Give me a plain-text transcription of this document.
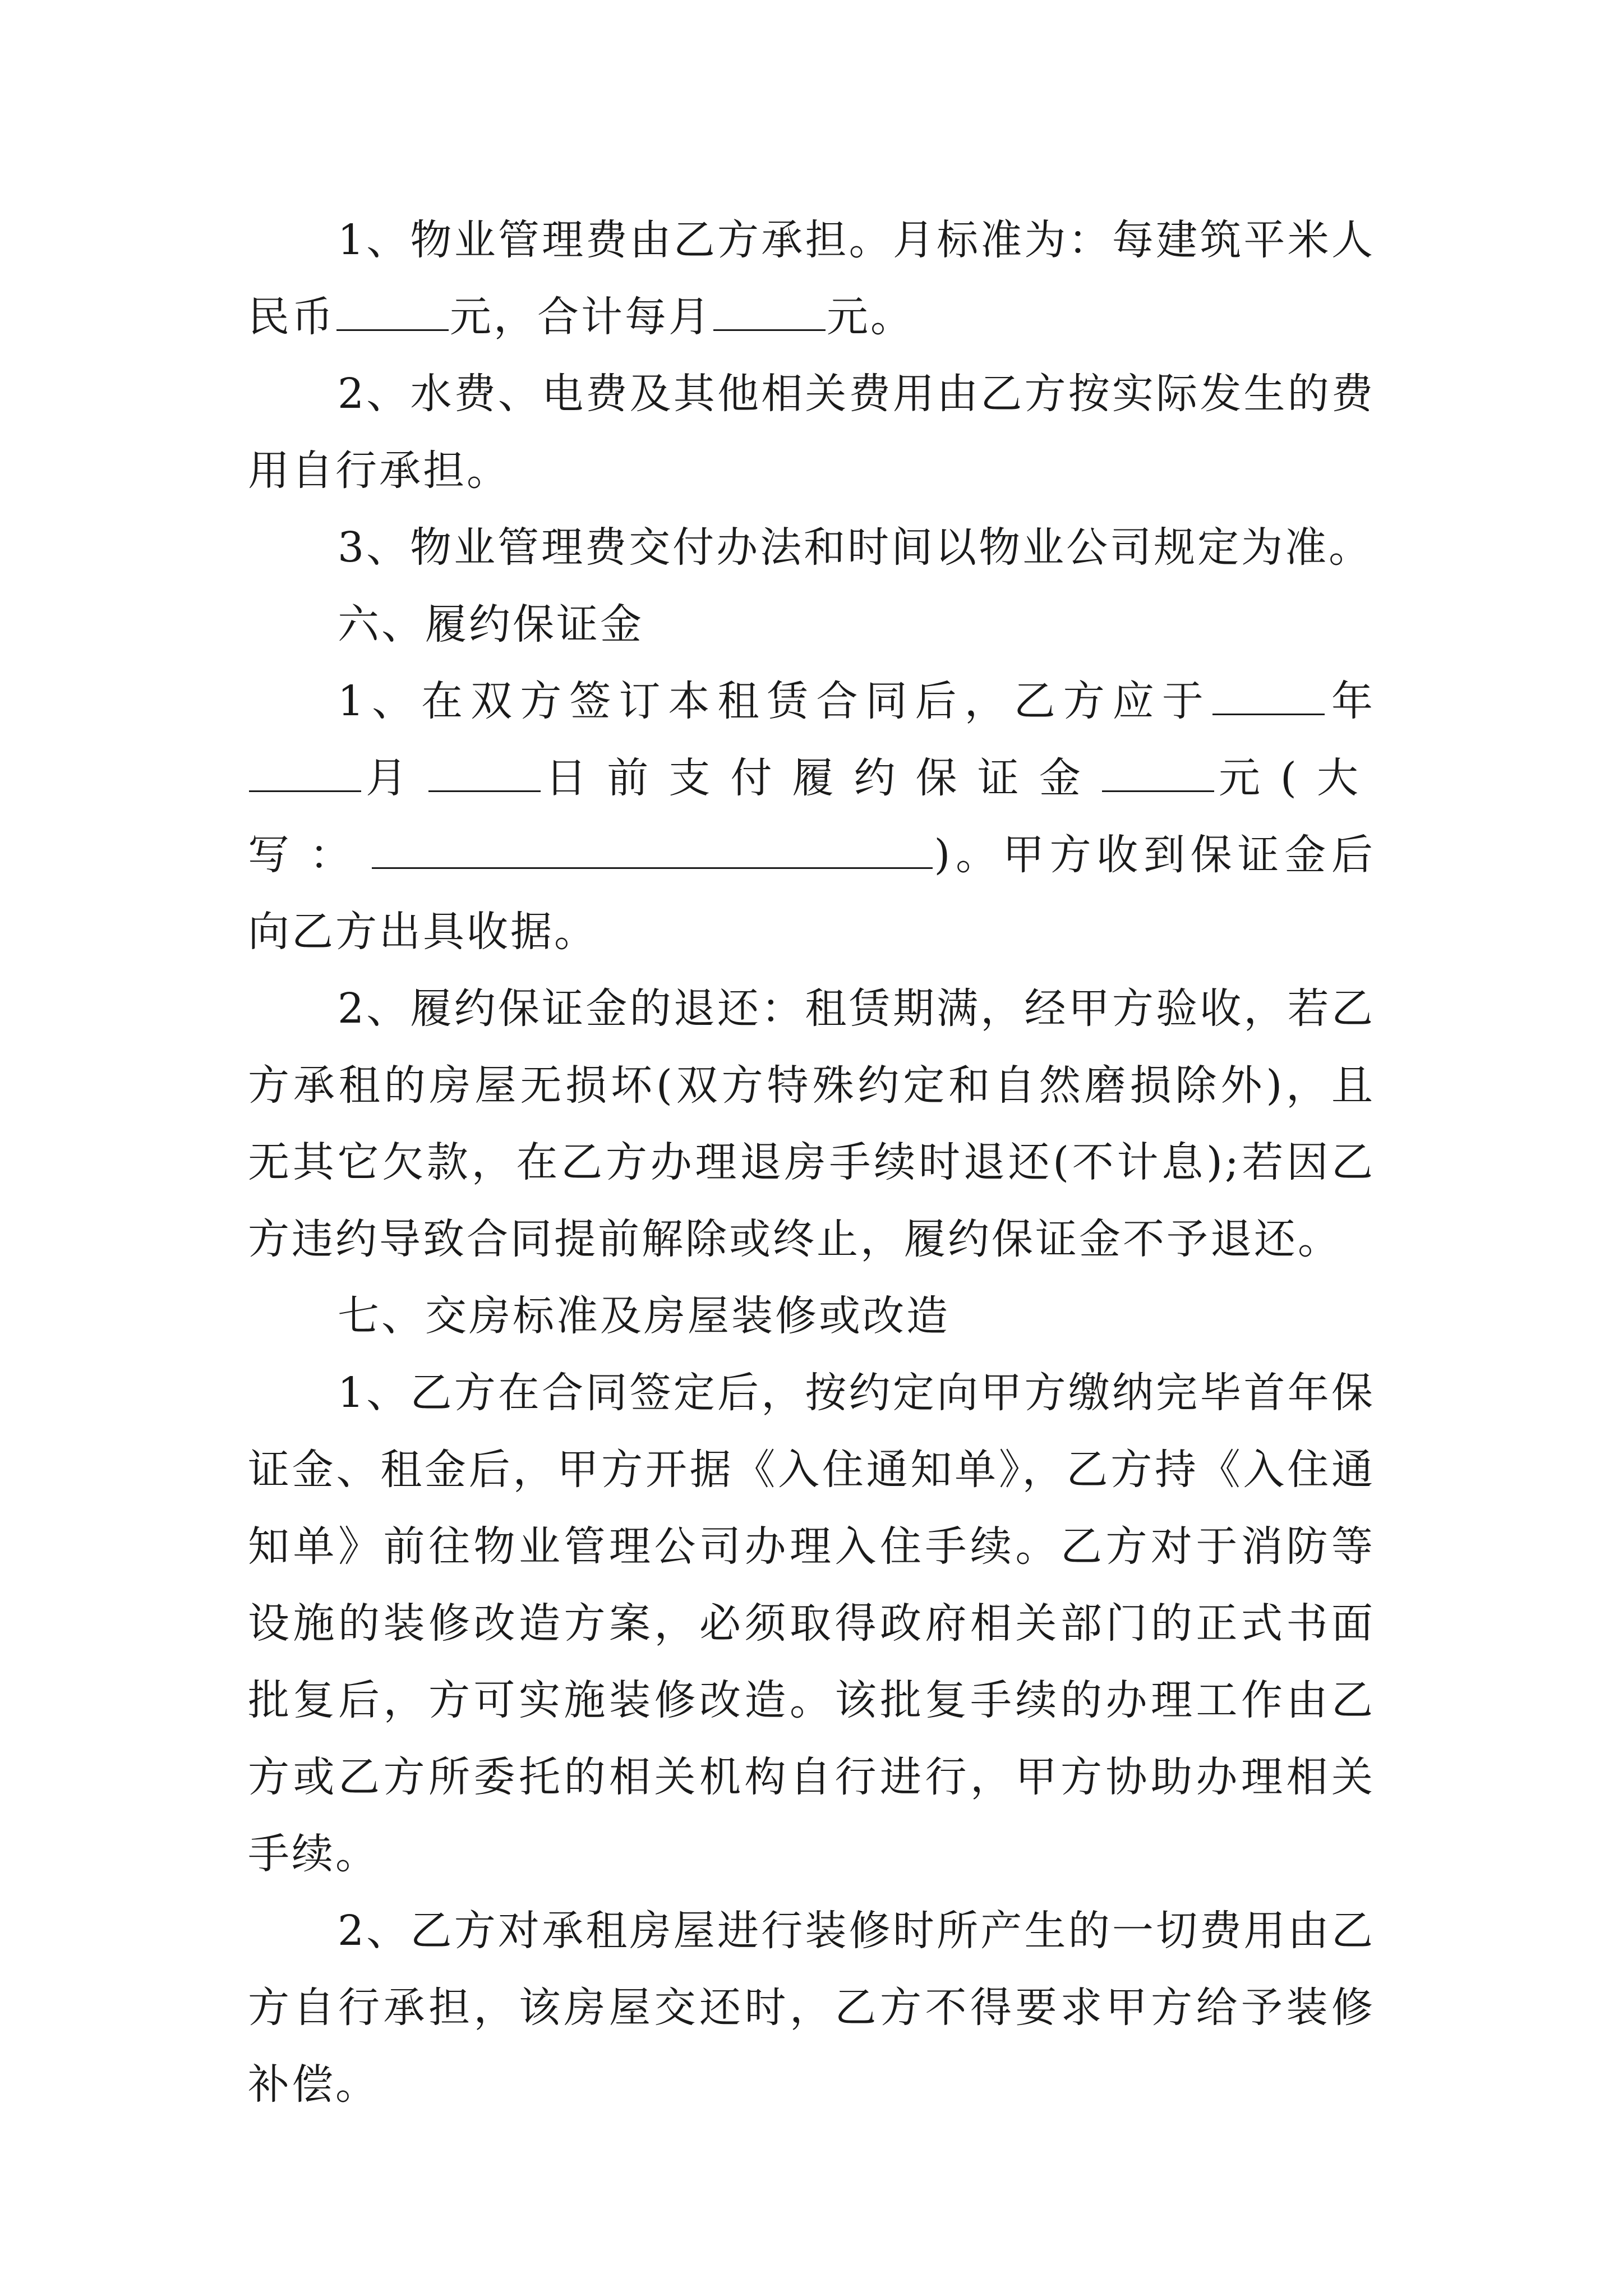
1、物业管理费由乙方承担。月标准为：每建筑平米人民币	元，合计每月	元。

2、水费、电费及其他相关费用由乙方按实际发生的费用自行承担。

3、物业管理费交付办法和时间以物业公司规定为准。

六、履约保证金

1、在双方签订本租赁合同后，乙方应于	年月	日前支付履约保证金	元(大写：	)。甲方收到保证金后向乙方出具收据。

2、履约保证金的退还：租赁期满，经甲方验收，若乙方承租的房屋无损坏(双方特殊约定和自然磨损除外)，且无其它欠款，在乙方办理退房手续时退还(不计息);若因乙方违约导致合同提前解除或终止，履约保证金不予退还。

七、交房标准及房屋装修或改造

1、乙方在合同签定后，按约定向甲方缴纳完毕首年保证金、租金后，甲方开据《入住通知单》，乙方持《入住通知单》前往物业管理公司办理入住手续。乙方对于消防等设施的装修改造方案，必须取得政府相关部门的正式书面批复后，方可实施装修改造。该批复手续的办理工作由乙方或乙方所委托的相关机构自行进行，甲方协助办理相关手续。

2、乙方对承租房屋进行装修时所产生的一切费用由乙方自行承担，该房屋交还时，乙方不得要求甲方给予装修补偿。
